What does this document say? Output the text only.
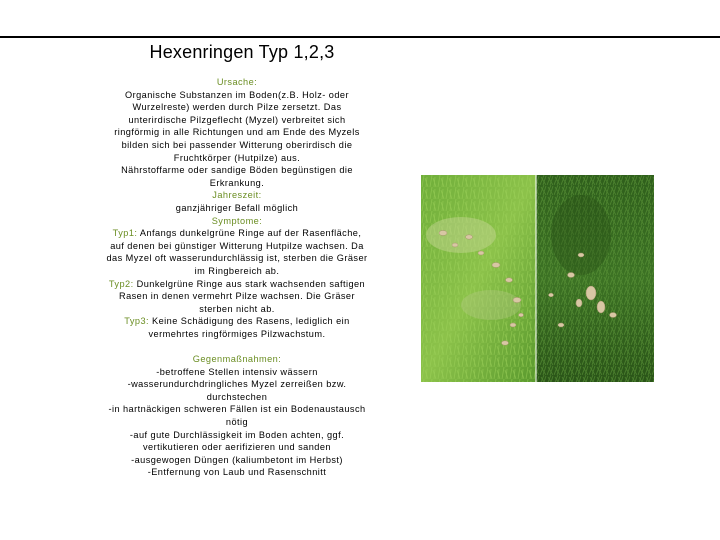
Hexenringen Typ 1,2,3
Ursache:
Organische Substanzen im Boden(z.B. Holz- oder
Wurzelreste) werden durch Pilze zersetzt. Das
unterirdische Pilzgeflecht (Myzel) verbreitet sich
ringförmig in alle Richtungen und am Ende des Myzels
bilden sich bei passender Witterung oberirdisch die
Fruchtkörper (Hutpilze) aus.
Nährstoffarme oder sandige Böden begünstigen die
Erkrankung.
Jahreszeit:
ganzjähriger Befall möglich
Symptome:
Typ1: Anfangs dunkelgrüne Ringe auf der Rasenfläche,
auf denen bei günstiger Witterung Hutpilze wachsen. Da
das Myzel oft wasserundurchlässig ist, sterben die Gräser
im Ringbereich ab.
Typ2: Dunkelgrüne Ringe aus stark wachsenden saftigen
Rasen in denen vermehrt Pilze wachsen. Die Gräser
sterben nicht ab.
Typ3: Keine Schädigung des Rasens, lediglich ein
vermehrtes ringförmiges Pilzwachstum.
Gegenmaßnahmen:
-betroffene Stellen intensiv wässern
-wasserundurchdringliches Myzel zerreißen bzw.
durchstechen
-in hartnäckigen schweren Fällen ist ein Bodenaustausch
nötig
-auf gute Durchlässigkeit im Boden achten, ggf.
vertikutieren oder aerifizieren und sanden
-ausgewogen Düngen (kaliumbetont im Herbst)
-Entfernung von Laub und Rasenschnitt
